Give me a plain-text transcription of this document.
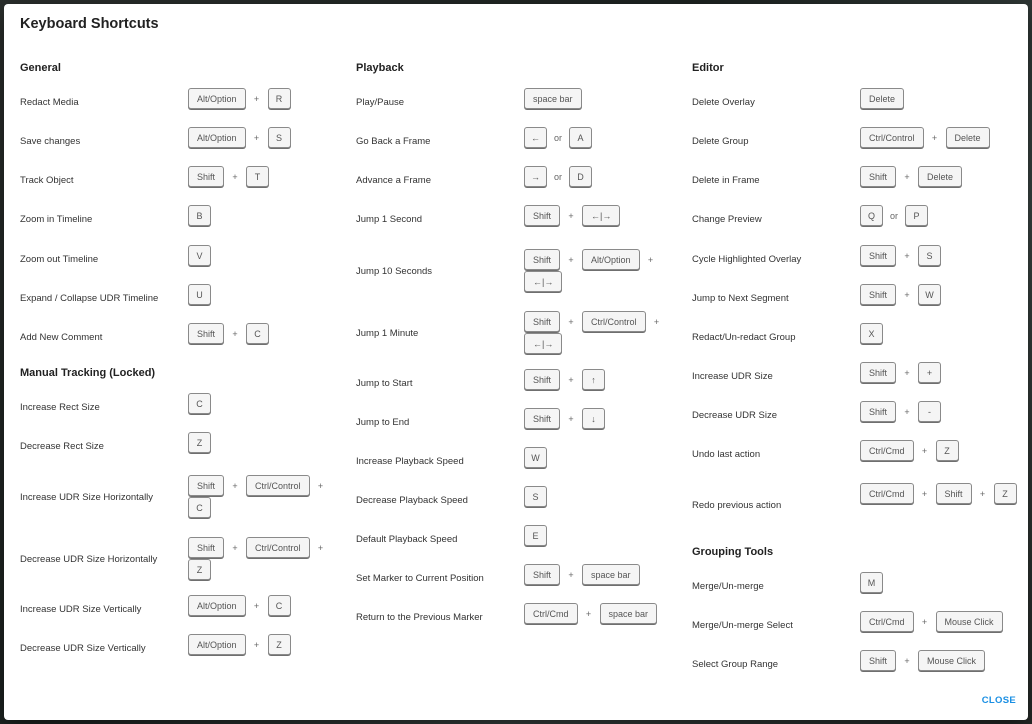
Keyboard Shortcuts
General
Redact Media	Alt/Option	+	R
Save changes	Alt/Option	+	S
Track Object	Shift	+	T
Zoom in Timeline	B
Zoom out Timeline	V
Expand / Collapse UDR Timeline	U
Add New Comment	Shift	+	C
Manual Tracking (Locked)
Increase Rect Size	C
Decrease Rect Size	Z
Increase UDR Size Horizontally
Shift	+	Ctrl/Control	+
C
Decrease UDR Size Horizontally
Shift	+	Ctrl/Control	+
Z
Increase UDR Size Vertically	Alt/Option	+	C
Decrease UDR Size Vertically	Alt/Option	+	Z
Playback
Play/Pause	space bar
Go Back a Frame	←	or	A
Advance a Frame	→	or	D
Jump 1 Second	Shift	+	←|→
Jump 10 Seconds
Shift	+	Alt/Option	+
←|→
Jump 1 Minute
Shift	+	Ctrl/Control	+
←|→
Jump to Start	Shift	+	↑
Jump to End	Shift	+	↓
Increase Playback Speed	W
Decrease Playback Speed	S
Default Playback Speed	E
Set Marker to Current Position	Shift	+	space bar
Return to the Previous Marker	Ctrl/Cmd	+	space bar
Editor
Delete Overlay	Delete
Delete Group	Ctrl/Control	+	Delete
Delete in Frame	Shift	+	Delete
Change Preview	Q	or	P
Cycle Highlighted Overlay	Shift	+	S
Jump to Next Segment	Shift	+	W
Redact/Un-redact Group	X
Increase UDR Size	Shift	+	+
Decrease UDR Size	Shift	+	-
Undo last action	Ctrl/Cmd	+	Z
Redo previous action
Ctrl/Cmd	+	Shift	+	Z
Grouping Tools
Merge/Un-merge	M
Merge/Un-merge Select	Ctrl/Cmd	+	Mouse Click
Select Group Range	Shift	+	Mouse Click
CLOSE
